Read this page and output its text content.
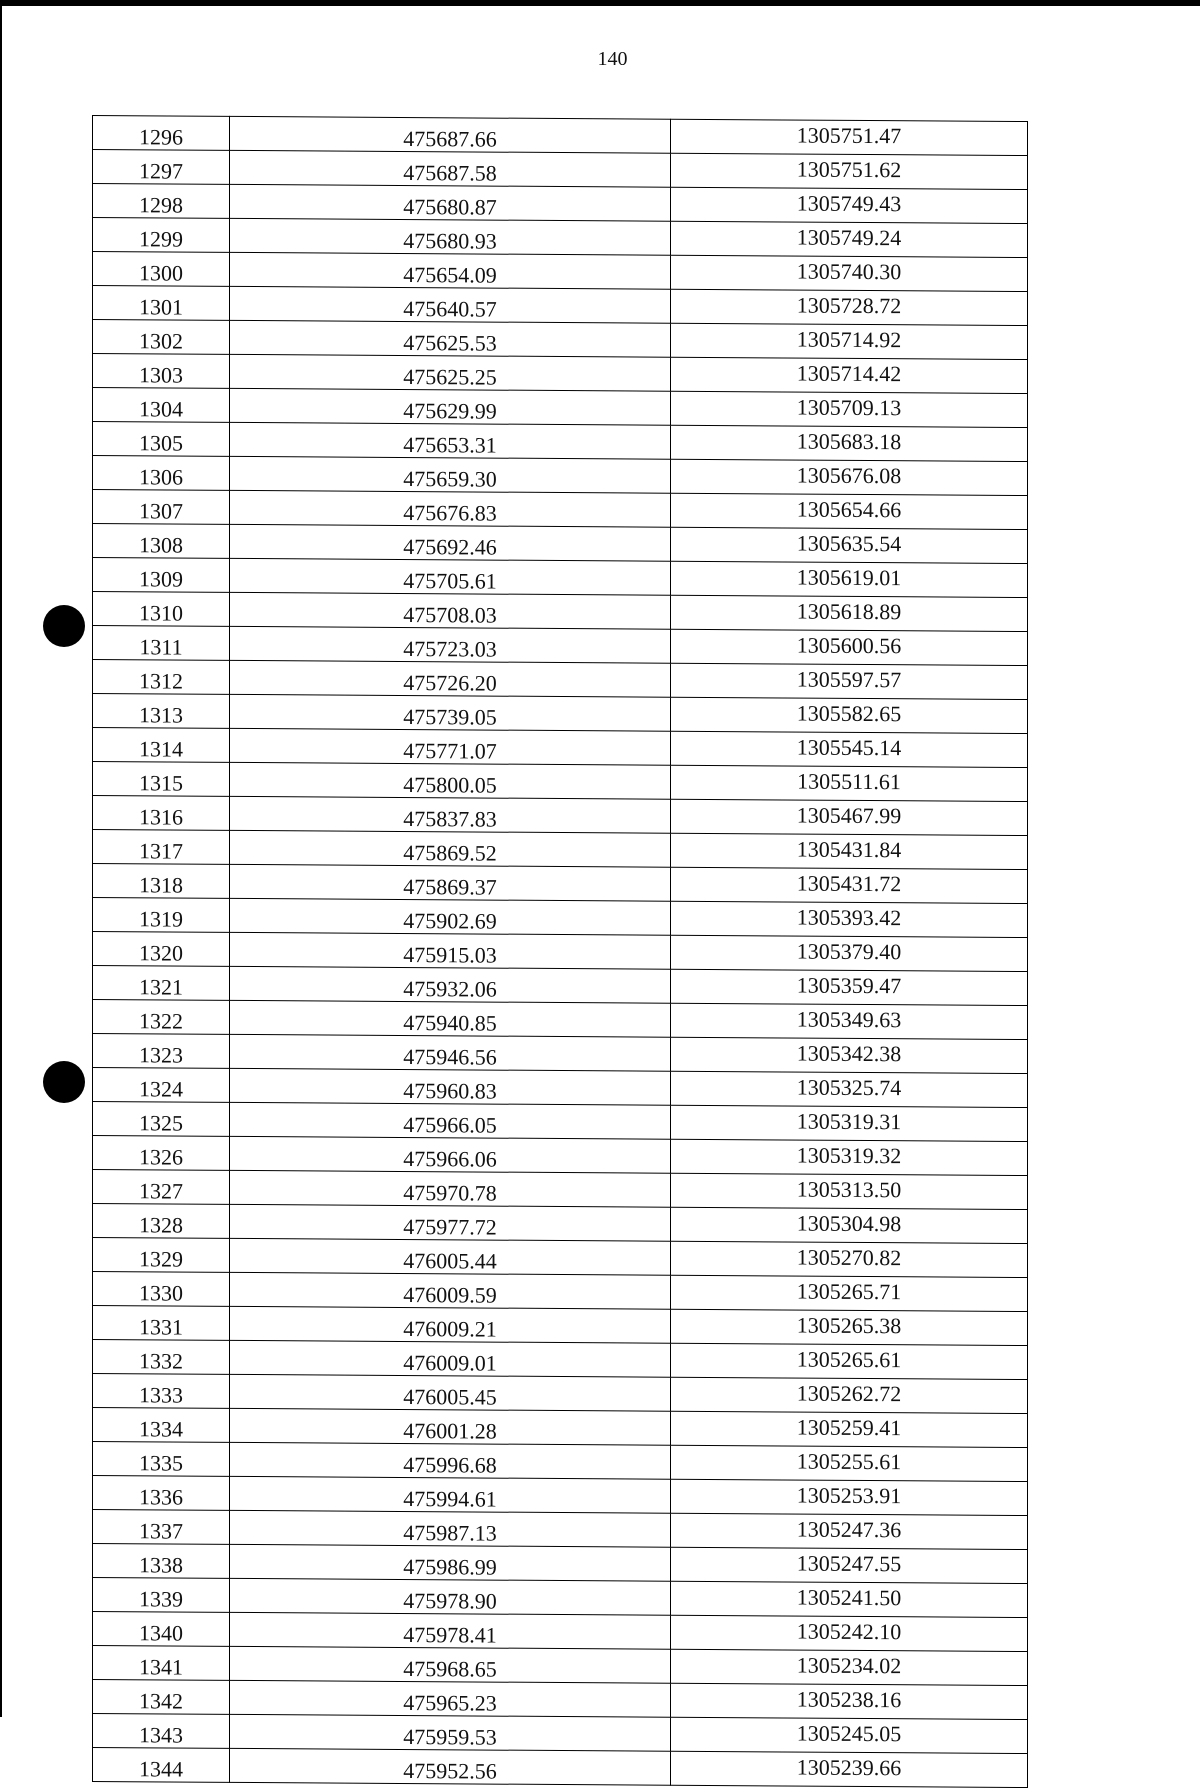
140
1296	475687.66	1305751.47
1297	475687.58	1305751.62
1298	475680.87	1305749.43
1299	475680.93	1305749.24
1300	475654.09	1305740.30
1301	475640.57	1305728.72
1302	475625.53	1305714.92
1303	475625.25	1305714.42
1304	475629.99	1305709.13
1305	475653.31	1305683.18
1306	475659.30	1305676.08
1307	475676.83	1305654.66
1308	475692.46	1305635.54
1309	475705.61	1305619.01
1310	475708.03	1305618.89
1311	475723.03	1305600.56
1312	475726.20	1305597.57
1313	475739.05	1305582.65
1314	475771.07	1305545.14
1315	475800.05	1305511.61
1316	475837.83	1305467.99
1317	475869.52	1305431.84
1318	475869.37	1305431.72
1319	475902.69	1305393.42
1320	475915.03	1305379.40
1321	475932.06	1305359.47
1322	475940.85	1305349.63
1323	475946.56	1305342.38
1324	475960.83	1305325.74
1325	475966.05	1305319.31
1326	475966.06	1305319.32
1327	475970.78	1305313.50
1328	475977.72	1305304.98
1329	476005.44	1305270.82
1330	476009.59	1305265.71
1331	476009.21	1305265.38
1332	476009.01	1305265.61
1333	476005.45	1305262.72
1334	476001.28	1305259.41
1335	475996.68	1305255.61
1336	475994.61	1305253.91
1337	475987.13	1305247.36
1338	475986.99	1305247.55
1339	475978.90	1305241.50
1340	475978.41	1305242.10
1341	475968.65	1305234.02
1342	475965.23	1305238.16
1343	475959.53	1305245.05
1344	475952.56	1305239.66
